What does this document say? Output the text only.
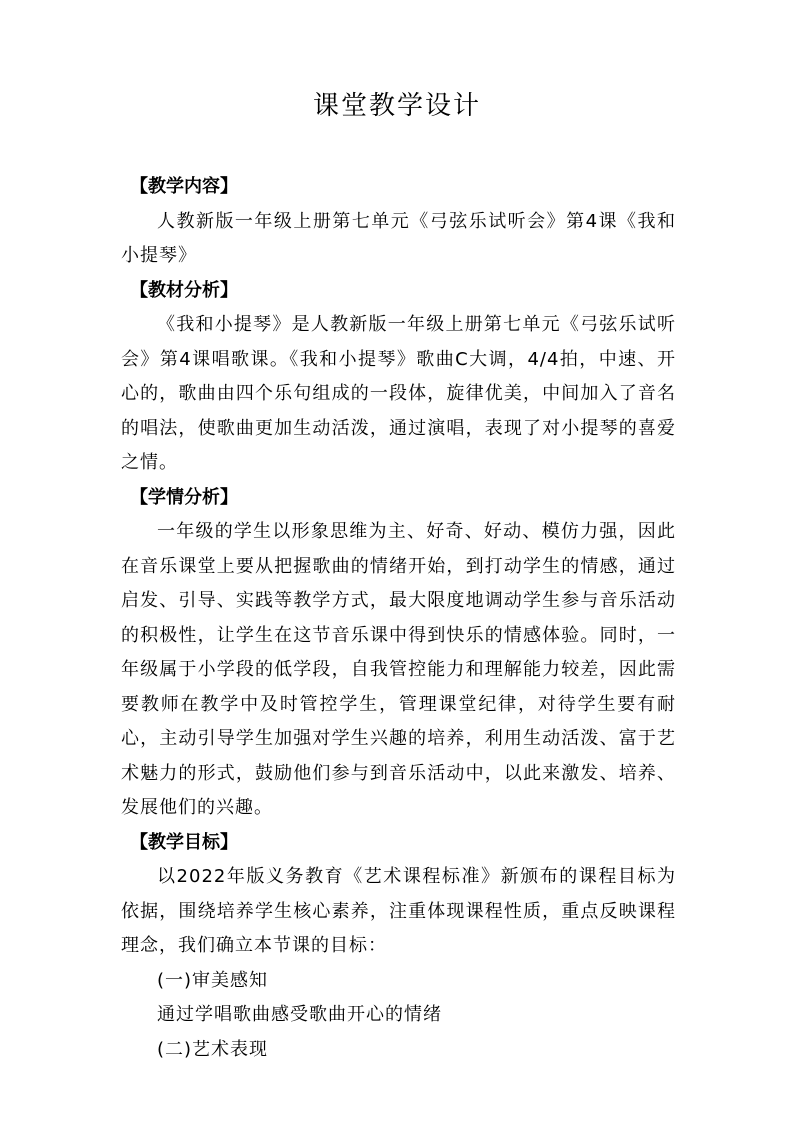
课堂教学设计

【教学内容】

人教新版一年级上册第七单元《弓弦乐试听会》第4课《我和小提琴》

【教材分析】

《我和小提琴》是人教新版一年级上册第七单元《弓弦乐试听会》第4课唱歌课。《我和小提琴》歌曲C大调，4/4拍，中速、开心的，歌曲由四个乐句组成的一段体，旋律优美，中间加入了音名的唱法，使歌曲更加生动活泼，通过演唱，表现了对小提琴的喜爱之情。

【学情分析】

一年级的学生以形象思维为主、好奇、好动、模仿力强，因此在音乐课堂上要从把握歌曲的情绪开始，到打动学生的情感，通过启发、引导、实践等教学方式，最大限度地调动学生参与音乐活动的积极性，让学生在这节音乐课中得到快乐的情感体验。同时，一年级属于小学段的低学段，自我管控能力和理解能力较差，因此需要教师在教学中及时管控学生，管理课堂纪律，对待学生要有耐心，主动引导学生加强对学生兴趣的培养，利用生动活泼、富于艺术魅力的形式，鼓励他们参与到音乐活动中，以此来激发、培养、发展他们的兴趣。

【教学目标】

以2022年版义务教育《艺术课程标准》新颁布的课程目标为依据，围绕培养学生核心素养，注重体现课程性质，重点反映课程理念，我们确立本节课的目标：

(一)审美感知

通过学唱歌曲感受歌曲开心的情绪

(二)艺术表现
